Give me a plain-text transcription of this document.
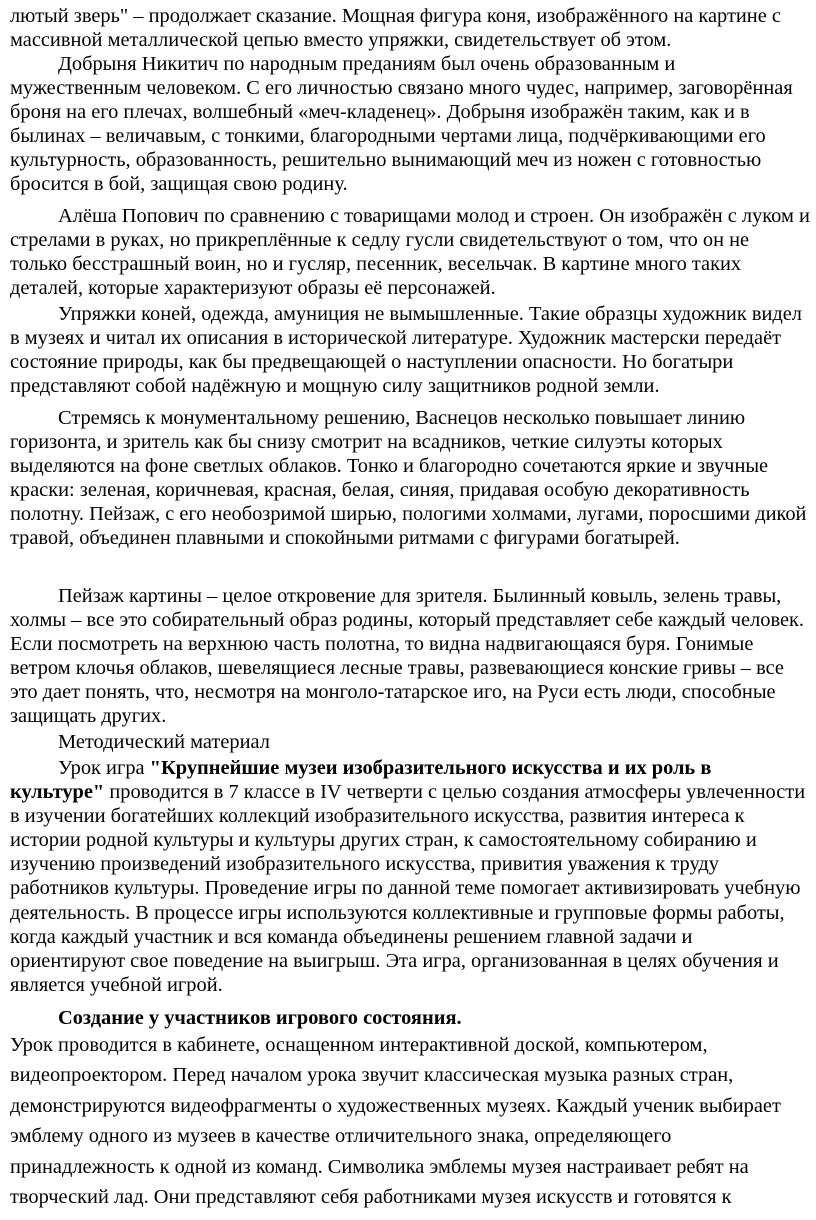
лютый зверь" – продолжает сказание. Мощная фигура коня, изображённого на картине с массивной металлической цепью вместо упряжки, свидетельствует об этом.

Добрыня Никитич по народным преданиям был очень образованным и мужественным человеком. С его личностью связано много чудес, например, заговорённая броня на его плечах, волшебный «меч-кладенец». Добрыня изображён таким, как и в былинах – величавым, с тонкими, благородными чертами лица, подчёркивающими его культурность, образованность, решительно вынимающий меч из ножен с готовностью бросится в бой, защищая свою родину.

Алёша Попович по сравнению с товарищами молод и строен. Он изображён с луком и стрелами в руках, но прикреплённые к седлу гусли свидетельствуют о том, что он не только бесстрашный воин, но и гусляр, песенник, весельчак. В картине много таких деталей, которые характеризуют образы её персонажей.

Упряжки коней, одежда, амуниция не вымышленные. Такие образцы художник видел в музеях и читал их описания в исторической литературе. Художник мастерски передаёт состояние природы, как бы предвещающей о наступлении опасности. Но богатыри представляют собой надёжную и мощную силу защитников родной земли.

Стремясь к монументальному решению, Васнецов несколько повышает линию горизонта, и зритель как бы снизу смотрит на всадников, четкие силуэты которых выделяются на фоне светлых облаков. Тонко и благородно сочетаются яркие и звучные краски: зеленая, коричневая, красная, белая, синяя, придавая особую декоративность полотну. Пейзаж, с его необозримой ширью, пологими холмами, лугами, поросшими дикой травой, объединен плавными и спокойными ритмами с фигурами богатырей.

Пейзаж картины – целое откровение для зрителя. Былинный ковыль, зелень травы, холмы – все это собирательный образ родины, который представляет себе каждый человек. Если посмотреть на верхнюю часть полотна, то видна надвигающаяся буря. Гонимые ветром клочья облаков, шевелящиеся лесные травы, развевающиеся конские гривы – все это дает понять, что, несмотря на монголо-татарское иго, на Руси есть люди, способные защищать других.

Методический материал

Урок игра "Крупнейшие музеи изобразительного искусства и их роль в культуре" проводится в 7 классе в IV четверти с целью создания атмосферы увлеченности в изучении богатейших коллекций изобразительного искусства, развития интереса к истории родной культуры и культуры других стран, к самостоятельному собиранию и изучению произведений изобразительного искусства, привития уважения к труду работников культуры. Проведение игры по данной теме помогает активизировать учебную деятельность. В процессе игры используются коллективные и групповые формы работы, когда каждый участник и вся команда объединены решением главной задачи и ориентируют свое поведение на выигрыш. Эта игра, организованная в целях обучения и является учебной игрой.

Создание у участников игрового состояния.

Урок проводится в кабинете, оснащенном интерактивной доской, компьютером, видеопроектором. Перед началом урока звучит классическая музыка разных стран, демонстрируются видеофрагменты о художественных музеях. Каждый ученик выбирает эмблему одного из музеев в качестве отличительного знака, определяющего принадлежность к одной из команд. Символика эмблемы музея настраивает ребят на творческий лад. Они представляют себя работниками музея искусств и готовятся к
